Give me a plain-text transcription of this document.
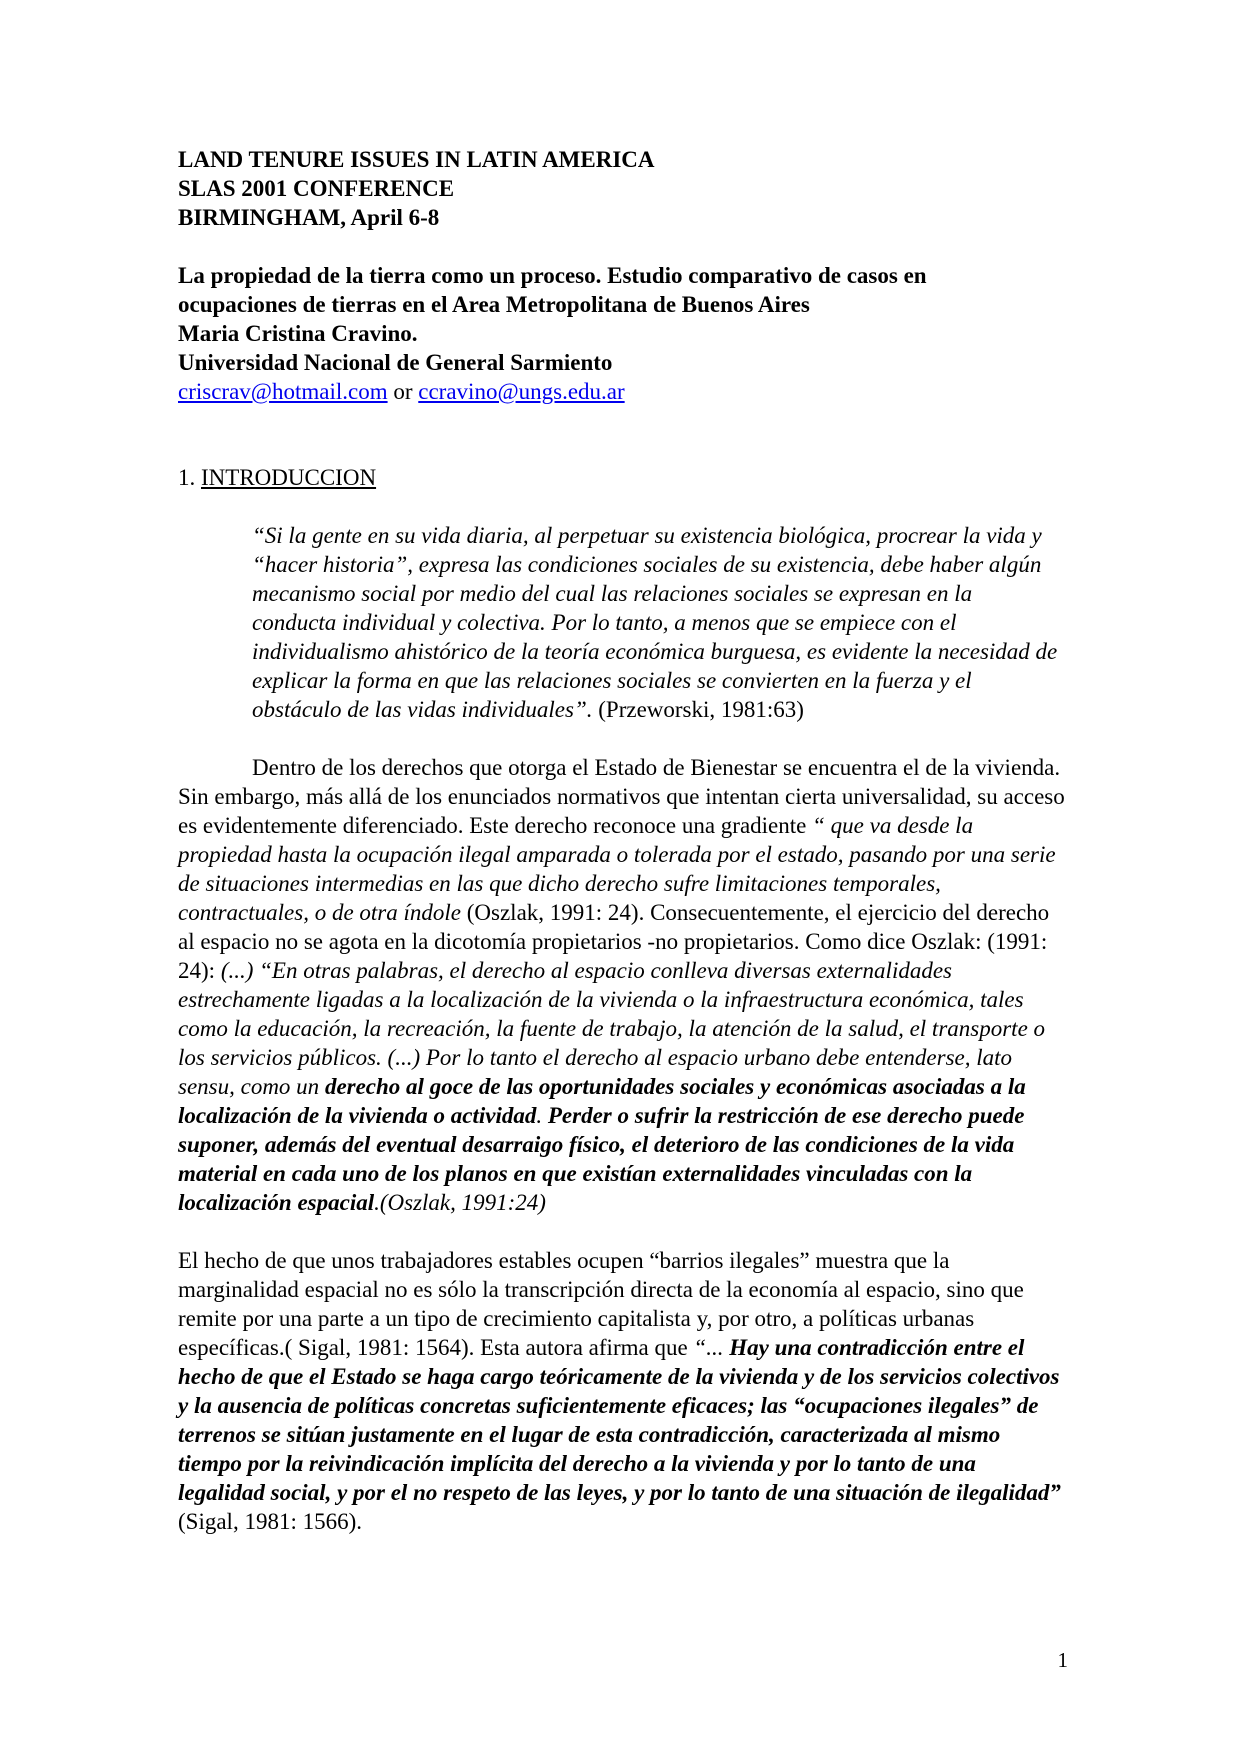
LAND TENURE ISSUES IN LATIN AMERICA
SLAS 2001 CONFERENCE
BIRMINGHAM, April 6-8
La propiedad de la tierra como un proceso. Estudio comparativo de casos en
ocupaciones de tierras en el Area Metropolitana de Buenos Aires
Maria Cristina Cravino.
Universidad Nacional de General Sarmiento
criscrav@hotmail.com or ccravino@ungs.edu.ar
1. INTRODUCCION
“Si la gente en su vida diaria, al perpetuar su existencia biológica, procrear la vida y “hacer historia”, expresa las condiciones sociales de su existencia, debe haber algún mecanismo social por medio del cual las relaciones sociales se expresan en la conducta individual y colectiva. Por lo tanto, a menos que se empiece con el individualismo ahistórico de la teoría económica burguesa, es evidente la necesidad de explicar la forma en que las relaciones sociales se convierten en la fuerza y el obstáculo de las vidas individuales”. (Przeworski, 1981:63)

Dentro de los derechos que otorga el Estado de Bienestar se encuentra el de la vivienda. Sin embargo, más allá de los enunciados normativos que intentan cierta universalidad, su acceso es evidentemente diferenciado. Este derecho reconoce una gradiente “ que va desde la propiedad hasta la ocupación ilegal amparada o tolerada por el estado, pasando por una serie de situaciones intermedias en las que dicho derecho sufre limitaciones temporales, contractuales, o de otra índole (Oszlak, 1991: 24). Consecuentemente, el ejercicio del derecho al espacio no se agota en la dicotomía propietarios -no propietarios. Como dice Oszlak: (1991: 24): (...) “En otras palabras, el derecho al espacio conlleva diversas externalidades estrechamente ligadas a la localización de la vivienda o la infraestructura económica, tales como la educación, la recreación, la fuente de trabajo, la atención de la salud, el transporte o los servicios públicos. (...) Por lo tanto el derecho al espacio urbano debe entenderse, lato sensu, como un derecho al goce de las oportunidades sociales y económicas asociadas a la localización de la vivienda o actividad. Perder o sufrir la restricción de ese derecho puede suponer, además del eventual desarraigo físico, el deterioro de las condiciones de la vida material en cada uno de los planos en que existían externalidades vinculadas con la localización espacial.(Oszlak, 1991:24)

El hecho de que unos trabajadores estables ocupen “barrios ilegales” muestra que la marginalidad espacial no es sólo la transcripción directa de la economía al espacio, sino que remite por una parte a un tipo de crecimiento capitalista y, por otro, a políticas urbanas específicas.( Sigal, 1981: 1564). Esta autora afirma que “... Hay una contradicción entre el hecho de que el Estado se haga cargo teóricamente de la vivienda y de los servicios colectivos y la ausencia de políticas concretas suficientemente eficaces; las “ocupaciones ilegales” de terrenos se sitúan justamente en el lugar de esta contradicción, caracterizada al mismo tiempo por la reivindicación implícita del derecho a la vivienda y por lo tanto de una legalidad social, y por el no respeto de las leyes, y por lo tanto de una situación de ilegalidad” (Sigal, 1981: 1566).

1
